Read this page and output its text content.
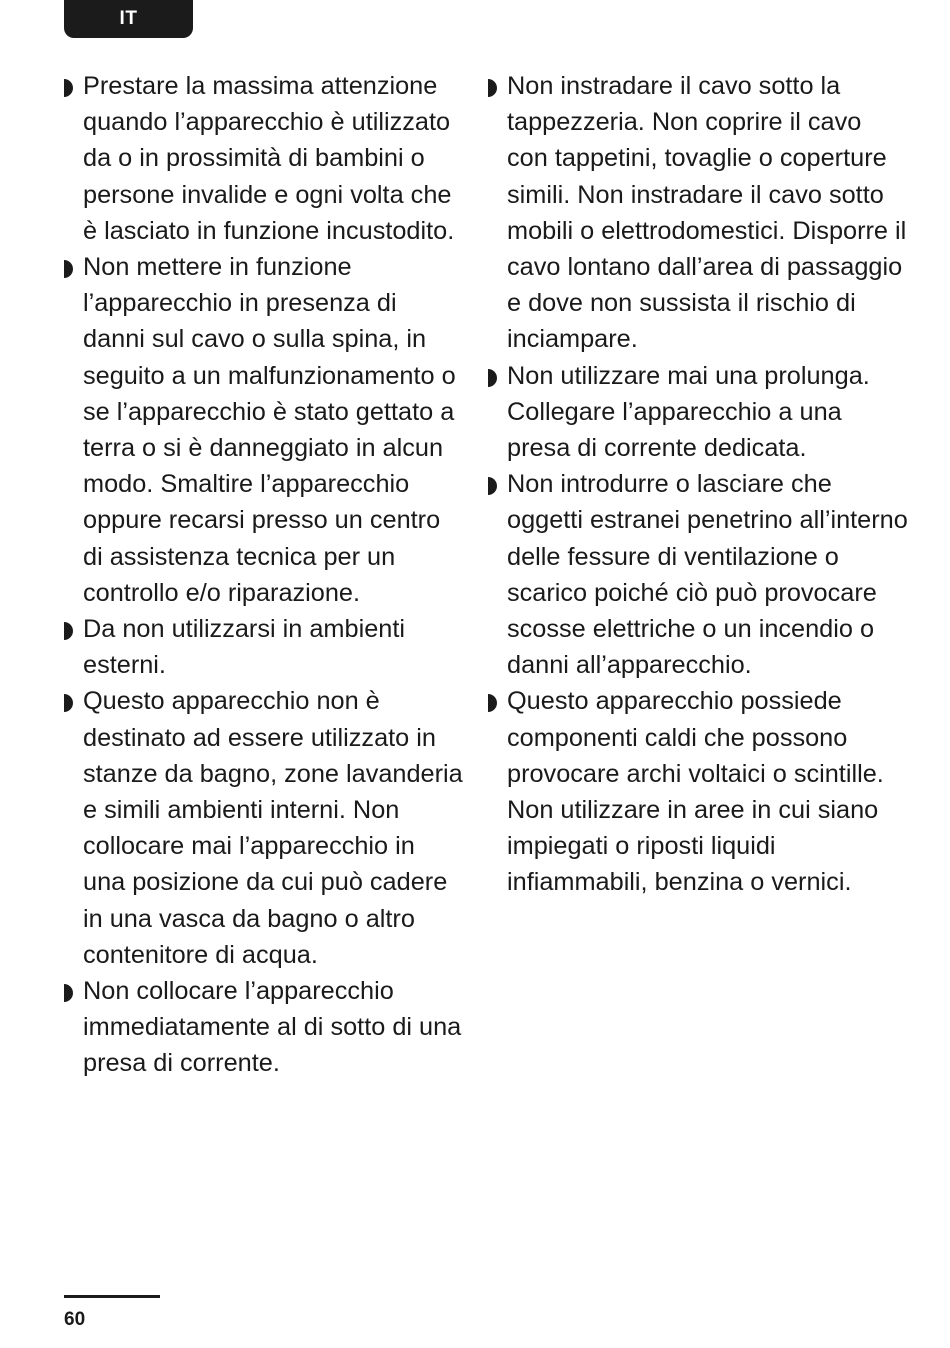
IT
Prestare la massima attenzione quando l’apparecchio è utilizzato da o in prossimità di bambini o persone invalide e ogni volta che è lasciato in funzione incustodito.
Non mettere in funzione l’apparecchio in presenza di danni sul cavo o sulla spina, in seguito a un malfunzionamento o se l’apparecchio è stato gettato a terra o si è danneggiato in alcun modo. Smaltire l’apparecchio oppure recarsi presso un centro di assistenza tecnica per un controllo e/o riparazione.
Da non utilizzarsi in ambienti esterni.
Questo apparecchio non è destinato ad essere utilizzato in stanze da bagno, zone lavanderia e simili ambienti interni. Non collocare mai l’apparecchio in una posizione da cui può cadere in una vasca da bagno o altro contenitore di acqua.
Non collocare l’apparecchio immediatamente al di sotto di una presa di corrente.
Non instradare il cavo sotto la tappezzeria. Non coprire il cavo con tappetini, tovaglie o coperture simili. Non instradare il cavo sotto mobili o elettrodomestici. Disporre il cavo lontano dall’area di passaggio e dove non sussista il rischio di inciampare.
Non utilizzare mai una prolunga. Collegare l’apparecchio a una presa di corrente dedicata.
Non introdurre o lasciare che oggetti estranei penetrino all’interno delle fessure di ventilazione o scarico poiché ciò può provocare scosse elettriche o un incendio o danni all’apparecchio.
Questo apparecchio possiede componenti caldi che possono provocare archi voltaici o scintille. Non utilizzare in aree in cui siano impiegati o riposti liquidi infiammabili, benzina o vernici.
60
